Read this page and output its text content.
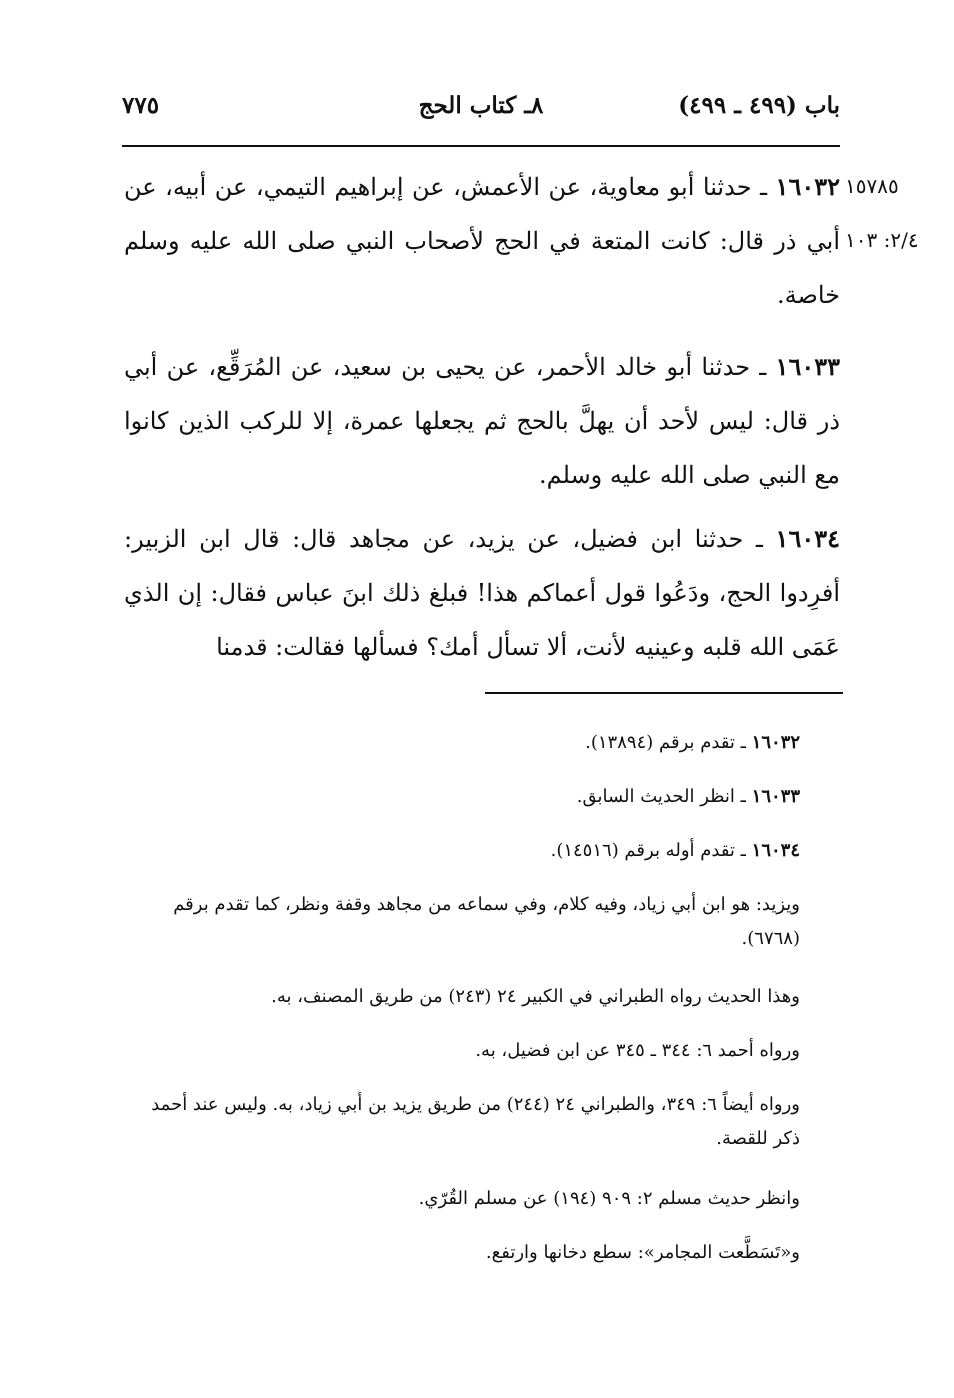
باب (٤٩٩ ـ ٤٩٩)
٨ـ كتاب الحج
٧٧٥
١٥٧٨٥
٢/٤: ١٠٣
١٦٠٣٢ ـ حدثنا أبو معاوية، عن الأعمش، عن إبراهيم التيمي، عن أبيه، عن أبي ذر قال: كانت المتعة في الحج لأصحاب النبي صلى الله عليه وسلم خاصة.
١٦٠٣٣ ـ حدثنا أبو خالد الأحمر، عن يحيى بن سعيد، عن المُرَقِّع، عن أبي ذر قال: ليس لأحد أن يهلَّ بالحج ثم يجعلها عمرة، إلا للركب الذين كانوا مع النبي صلى الله عليه وسلم.
١٦٠٣٤ ـ حدثنا ابن فضيل، عن يزيد، عن مجاهد قال: قال ابن الزبير: أفرِدوا الحج، ودَعُوا قول أعماكم هذا! فبلغ ذلك ابنَ عباس فقال: إن الذي عَمَى الله قلبه وعينيه لأنت، ألا تسأل أمك؟ فسألها فقالت: قدمنا
١٦٠٣٢ ـ تقدم برقم (١٣٨٩٤).
١٦٠٣٣ ـ انظر الحديث السابق.
١٦٠٣٤ ـ تقدم أوله برقم (١٤٥١٦).
ويزيد: هو ابن أبي زياد، وفيه كلام، وفي سماعه من مجاهد وقفة ونظر، كما تقدم برقم (٦٧٦٨).
وهذا الحديث رواه الطبراني في الكبير ٢٤ (٢٤٣) من طريق المصنف، به.
ورواه أحمد ٦: ٣٤٤ ـ ٣٤٥ عن ابن فضيل، به.
ورواه أيضاً ٦: ٣٤٩، والطبراني ٢٤ (٢٤٤) من طريق يزيد بن أبي زياد، به. وليس عند أحمد ذكر للقصة.
وانظر حديث مسلم ٢: ٩٠٩ (١٩٤) عن مسلم القُرّي.
و«تَسَطَّعت المجامر»: سطع دخانها وارتفع.
